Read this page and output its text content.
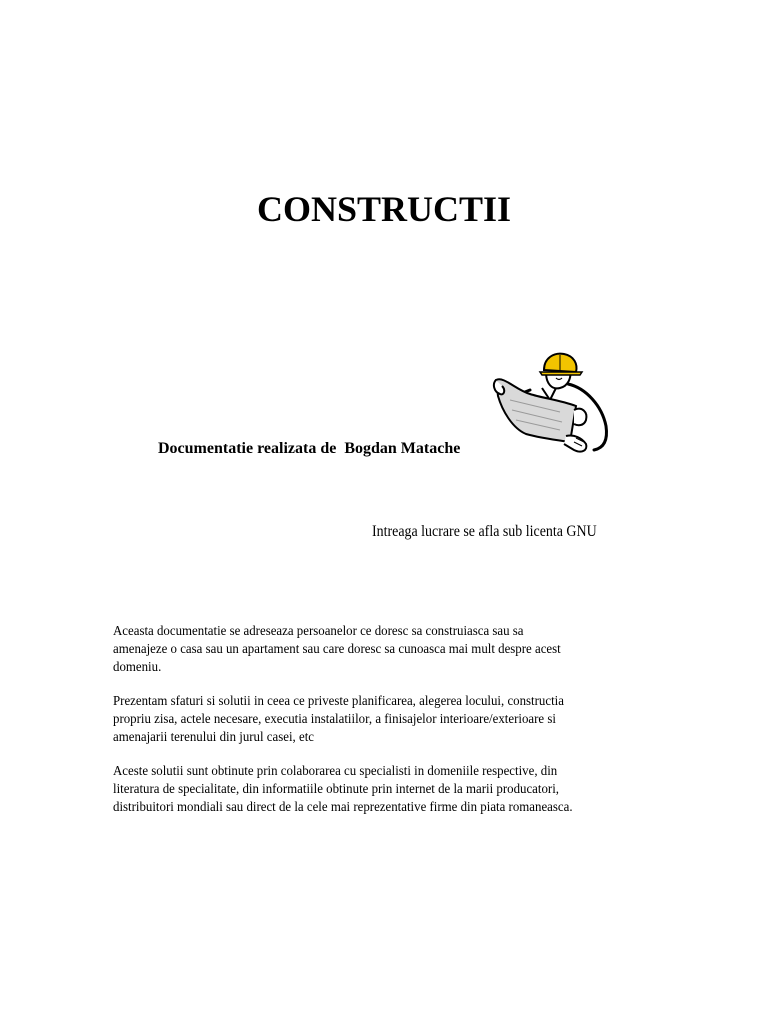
CONSTRUCTII

Documentatie realizata de  Bogdan Matache

Intreaga lucrare se afla sub licenta GNU

Aceasta documentatie se adreseaza persoanelor ce doresc sa construiasca sau sa
amenajeze o casa sau un apartament sau care doresc sa cunoasca mai mult despre acest
domeniu.

Prezentam sfaturi si solutii in ceea ce priveste planificarea, alegerea locului, constructia
propriu zisa, actele necesare, executia instalatiilor, a finisajelor interioare/exterioare si
amenajarii terenului din jurul casei, etc

Aceste solutii sunt obtinute prin colaborarea cu specialisti in domeniile respective, din
literatura de specialitate, din informatiile obtinute prin internet de la marii producatori,
distribuitori mondiali sau direct de la cele mai reprezentative firme din piata romaneasca.
